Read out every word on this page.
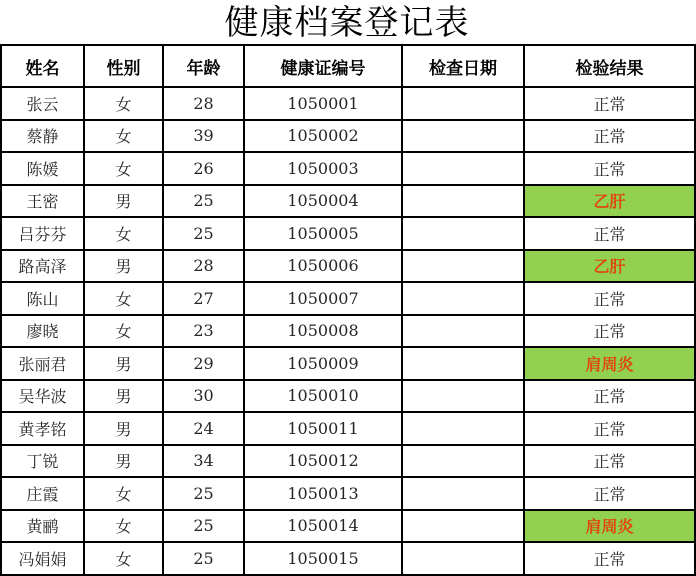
健康档案登记表
姓名	性别	年龄	健康证编号	检查日期	检验结果
张云	女	28	1050001		正常
蔡静	女	39	1050002		正常
陈媛	女	26	1050003		正常
王密	男	25	1050004		乙肝
吕芬芬	女	25	1050005		正常
路高泽	男	28	1050006		乙肝
陈山	女	27	1050007		正常
廖晓	女	23	1050008		正常
张丽君	男	29	1050009		肩周炎
吴华波	男	30	1050010		正常
黄孝铭	男	24	1050011		正常
丁锐	男	34	1050012		正常
庄霞	女	25	1050013		正常
黄鹂	女	25	1050014		肩周炎
冯娟娟	女	25	1050015		正常
